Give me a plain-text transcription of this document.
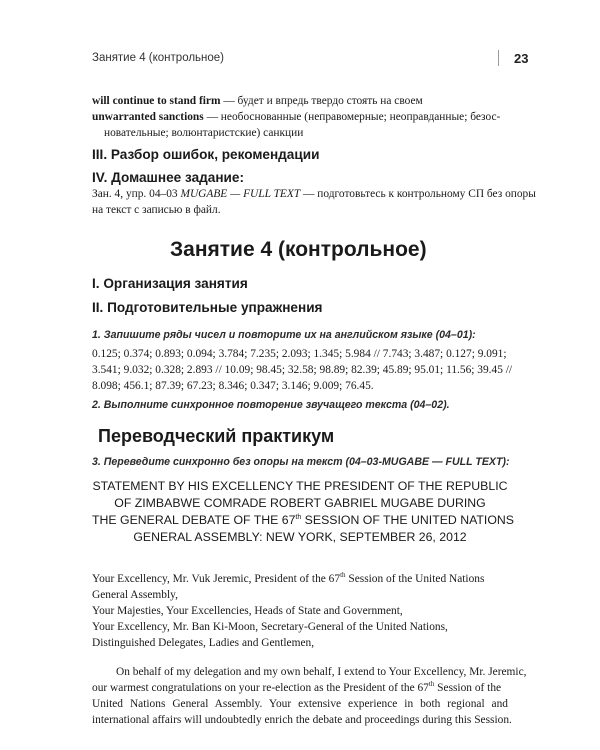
Занятие 4 (контрольное)	23
will continue to stand firm — будет и впредь твердо стоять на своем
unwarranted sanctions — необоснованные (неправомерные; неоправданные; безос-
новательные; волюнтаристские) санкции
III. Разбор ошибок, рекомендации
IV. Домашнее задание:
Зан. 4, упр. 04–03 MUGABE — FULL TEXT — подготовьтесь к контрольному СП без опоры
на текст с записью в файл.
Занятие 4 (контрольное)
I. Организация занятия
II. Подготовительные упражнения
1. Запишите ряды чисел и повторите их на английском языке (04–01):
0.125; 0.374; 0.893; 0.094; 3.784; 7.235; 2.093; 1.345; 5.984 // 7.743; 3.487; 0.127; 9.091;
3.541; 9.032; 0.328; 2.893 // 10.09; 98.45; 32.58; 98.89; 82.39; 45.89; 95.01; 11.56; 39.45 //
8.098; 456.1; 87.39; 67.23; 8.346; 0.347; 3.146; 9.009; 76.45.
2. Выполните синхронное повторение звучащего текста (04–02).
Переводческий практикум
3. Переведите синхронно без опоры на текст (04–03-MUGABE — FULL TEXT):
STATEMENT BY HIS EXCELLENCY THE PRESIDENT OF THE REPUBLIC
OF ZIMBABWE COMRADE ROBERT GABRIEL MUGABE DURING
THE GENERAL DEBATE OF THE 67th SESSION OF THE UNITED NATIONS
GENERAL ASSEMBLY: NEW YORK, SEPTEMBER 26, 2012
Your Excellency, Mr. Vuk Jeremic, President of the 67th Session of the United Nations
General Assembly,
Your Majesties, Your Excellencies, Heads of State and Government,
Your Excellency, Mr. Ban Ki-Moon, Secretary-General of the United Nations,
Distinguished Delegates, Ladies and Gentlemen,
On behalf of my delegation and my own behalf, I extend to Your Excellency, Mr. Jeremic,
our warmest congratulations on your re-election as the President of the 67th Session of the
United Nations General Assembly. Your extensive experience in both regional and
international affairs will undoubtedly enrich the debate and proceedings during this Session.
